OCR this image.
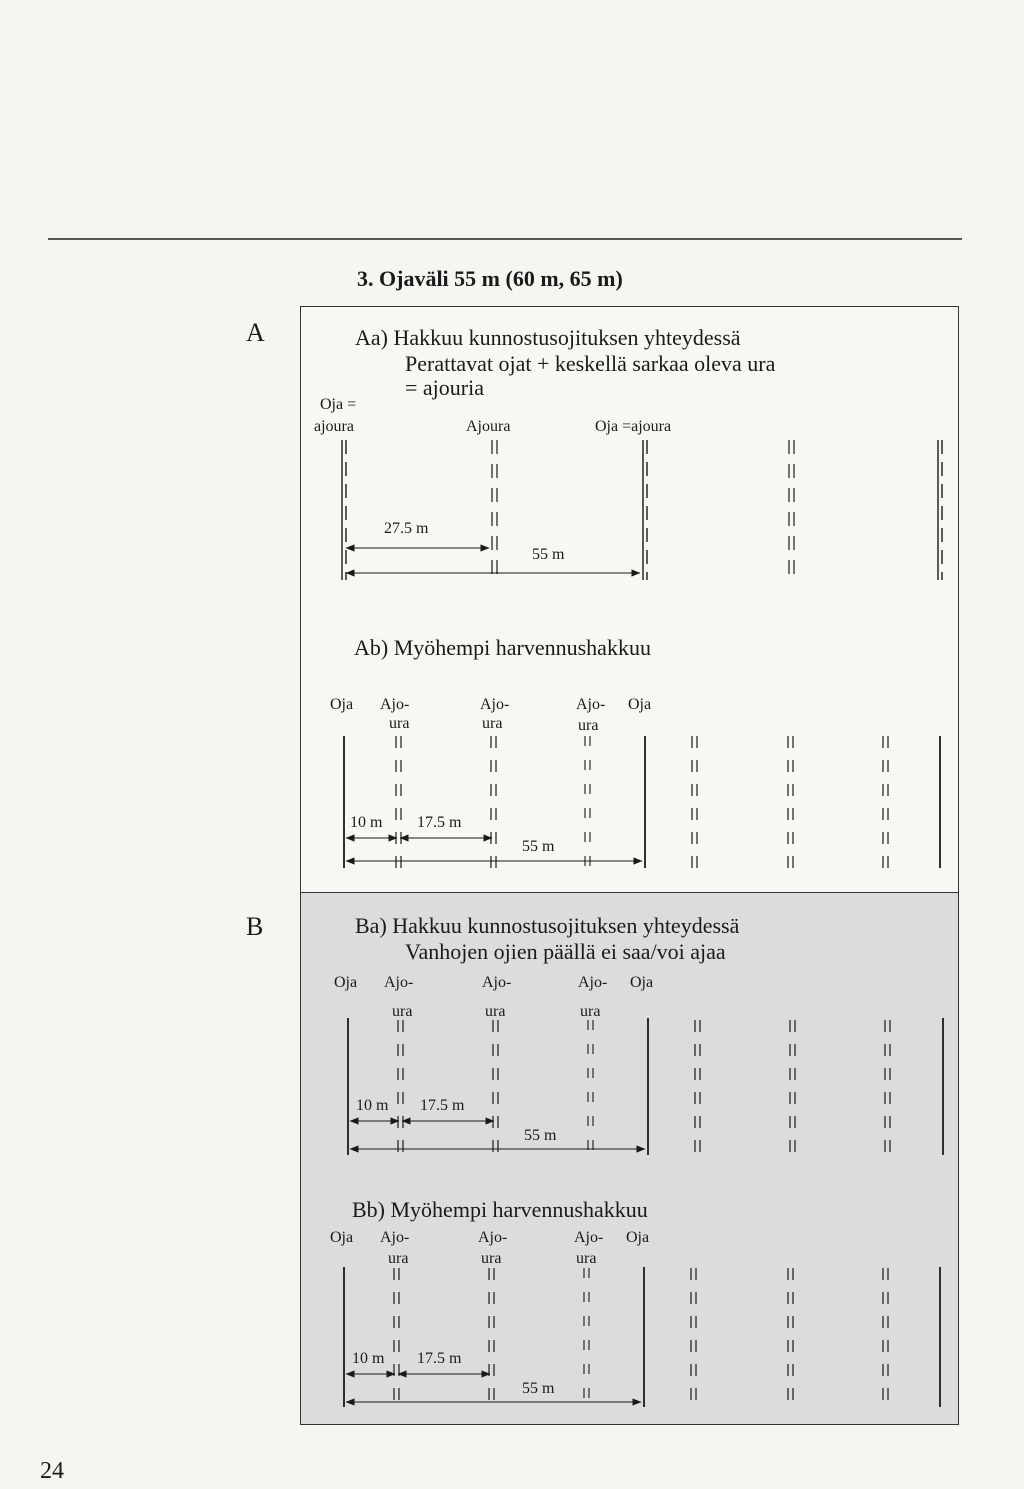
3. Ojaväli 55 m (60 m, 65 m)
A
B
24
Aa) Hakkuu kunnostusojituksen yhteydessä
Perattavat ojat + keskellä sarkaa oleva ura
= ajouria
Oja =
ajoura	Ajoura	Oja =ajoura
27.5 m
55 m
Ab) Myöhempi harvennushakkuu
Oja Ajo-
ura
Ajo-
ura
Ajo-
ura
Oja
10 m 17.5 m
55 m
Ba) Hakkuu kunnostusojituksen yhteydessä
Vanhojen ojien päällä ei saa/voi ajaa
Oja Ajo-
ura
Ajo-
ura
Ajo-
ura
Oja
10 m 17.5 m
55 m
Bb) Myöhempi harvennushakkuu
Oja Ajo-
ura
Ajo-
ura
Ajo-
ura
Oja
10 m 17.5 m
55 m
